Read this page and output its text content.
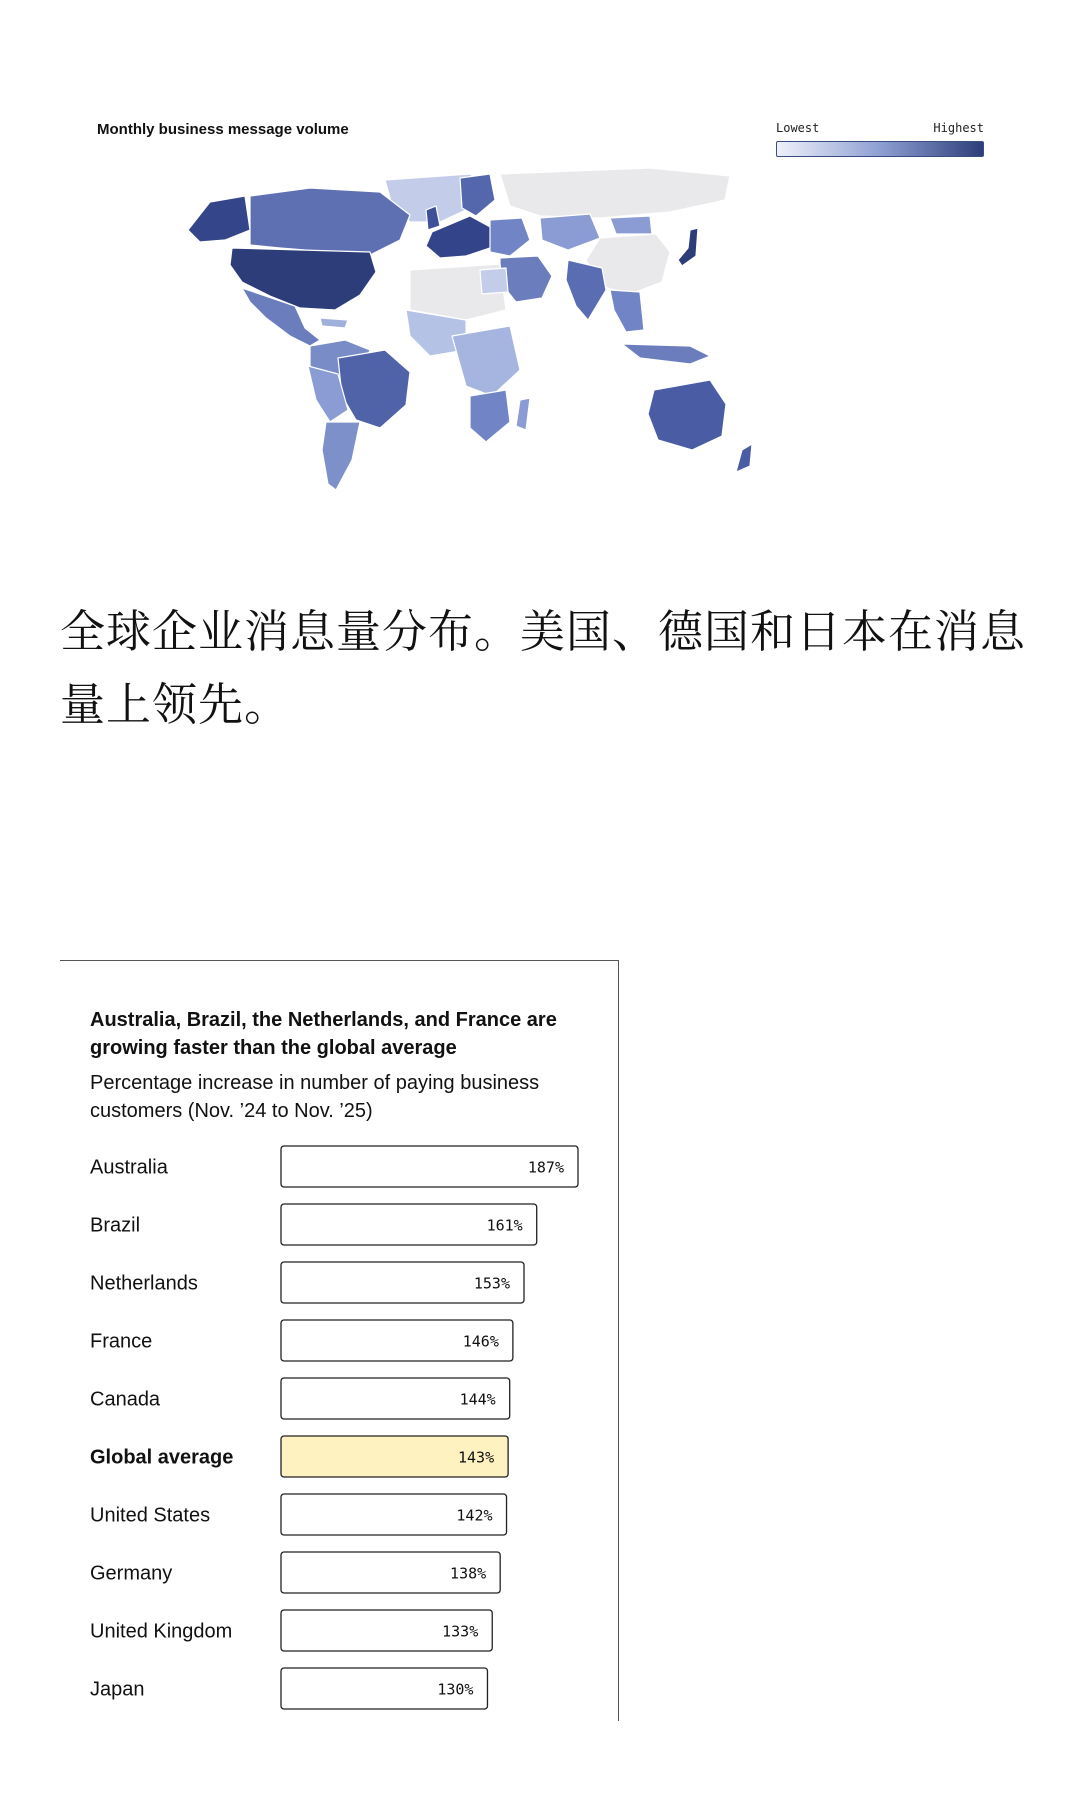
Monthly business message volume	Lowest	Highest
全球企业消息量分布。美国、德国和日本在消息量上领先。
Australia, Brazil, the Netherlands, and France are growing faster than the global average
Percentage increase in number of paying business customers (Nov. ’24 to Nov. ’25)
Australia	187%
Brazil	161%
Netherlands	153%
France	146%
Canada	144%
Global average	143%
United States	142%
Germany	138%
United Kingdom	133%
Japan	130%
